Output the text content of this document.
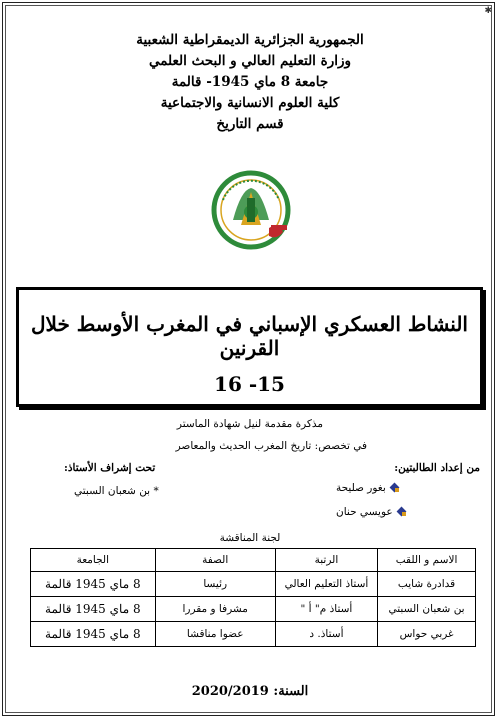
✱
الجمهورية الجزائرية الديمقراطية الشعبية
وزارة التعليم العالي و البحث العلمي
جامعة 8 ماي 1945- قالمة
كلية العلوم الانسانية والاجتماعية
قسم التاريخ
النشاط العسكري الإسباني في المغرب الأوسط خلال القرنين
16 -15
مذكرة مقدمة لنيل شهادة الماستر
في تخصص: تاريخ المغرب الحديث والمعاصر
من إعداد الطالبتين:
تحت إشراف الأستاذ:
بغور صليحة
عويسي حنان
* بن شعبان السبتي
لجنة المناقشة
الاسم و اللقب	الرتبة	الصفة	الجامعة
قدادرة شايب	أستاذ التعليم العالي	رئيسا	8 ماي 1945 قالمة
بن شعبان السبتي	أستاذ م" أ "	مشرفا و مقررا	8 ماي 1945 قالمة
غربي حواس	أستاذ. د	عضوا مناقشا	8 ماي 1945 قالمة
السنة: 2020/2019
